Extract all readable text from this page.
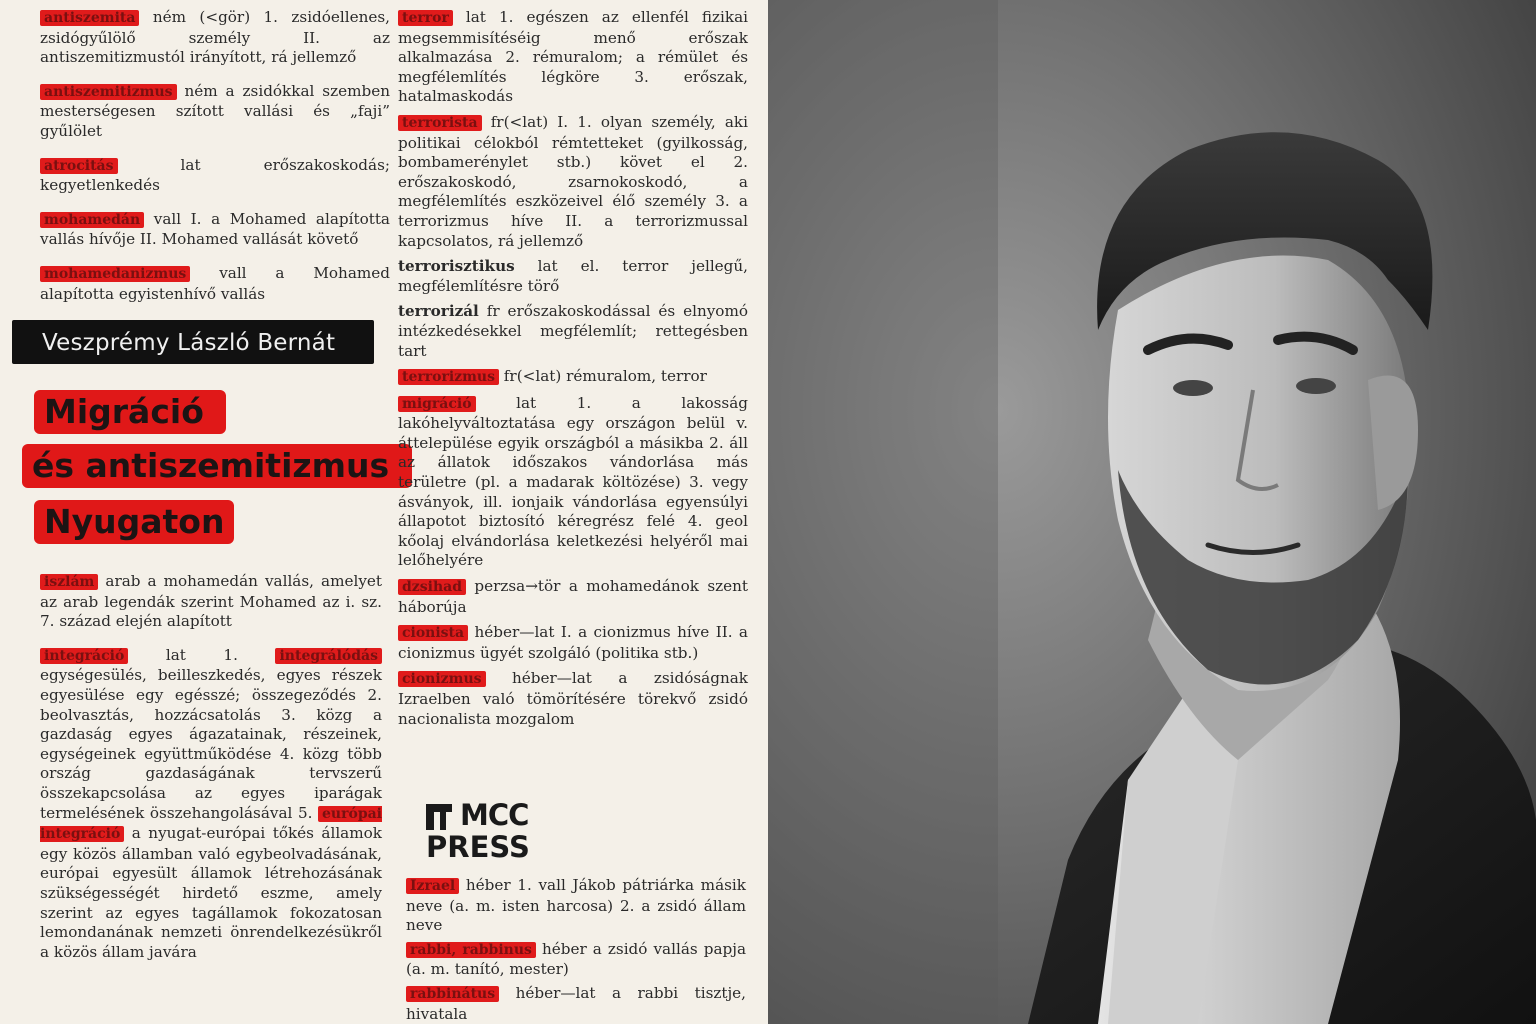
antiszemita ném (<gör) 1. zsidóellenes, zsidógyűlölő személy II. az antiszemitizmustól irányított, rá jellemző
antiszemitizmus ném a zsidókkal szemben mesterségesen szított vallási és „faji” gyűlölet
atrocitás lat erőszakoskodás; kegyetlenkedés
mohamedán vall I. a Mohamed alapította vallás hívője II. Mohamed vallását követő
mohamedanizmus vall a Mohamed alapította egyistenhívő vallás
Veszprémy László Bernát
Migráció
és antiszemitizmus
Nyugaton
iszlám arab a mohamedán vallás, amelyet az arab legendák szerint Mohamed az i. sz. 7. század elején alapított
integráció lat 1. integrálódás egységesülés, beilleszkedés, egyes részek egyesülése egy egésszé; összegeződés 2. beolvasztás, hozzácsatolás 3. közg a gazdaság egyes ágazatainak, részeinek, egységeinek együttműködése 4. közg több ország gazdaságának tervszerű összekapcsolása az egyes iparágak termelésének összehangolásával 5. európai integráció a nyugat-európai tőkés államok egy közös államban való egybeolvadásának, európai egyesült államok létrehozásának szükségességét hirdető eszme, amely szerint az egyes tagállamok fokozatosan lemondanának nemzeti önrendelkezésükről a közös állam javára
terror lat 1. egészen az ellenfél fizikai megsemmisítéséig menő erőszak alkalmazása 2. rémuralom; a rémület és megfélemlítés légköre 3. erőszak, hatalmaskodás
terrorista fr(<lat) I. 1. olyan személy, aki politikai célokból rémtetteket (gyilkosság, bombamerénylet stb.) követ el 2. erőszakoskodó, zsarnokoskodó, a megfélemlítés eszközeivel élő személy 3. a terrorizmus híve II. a terrorizmussal kapcsolatos, rá jellemző
terrorisztikus lat el. terror jellegű, megfélemlítésre törő
terrorizál fr erőszakoskodással és elnyomó intézkedésekkel megfélemlít; rettegésben tart
terrorizmus fr(<lat) rémuralom, terror
migráció lat 1. a lakosság lakóhelyváltoztatása egy országon belül v. áttelepülése egyik országból a másikba 2. áll az állatok időszakos vándorlása más területre (pl. a madarak költözése) 3. vegy ásványok, ill. ionjaik vándorlása egyensúlyi állapotot biztosító kéregrész felé 4. geol kőolaj elvándorlása keletkezési helyéről mai lelőhelyére
dzsihad perzsa→tör a mohamedánok szent háborúja
cionista héber—lat I. a cionizmus híve II. a cionizmus ügyét szolgáló (politika stb.)
cionizmus héber—lat a zsidóságnak Izraelben való tömörítésére törekvő zsidó nacionalista mozgalom
MCC
PRESS
Izrael héber 1. vall Jákob pátriárka másik neve (a. m. isten harcosa) 2. a zsidó állam neve
rabbi, rabbinus héber a zsidó vallás papja (a. m. tanító, mester)
rabbinátus héber—lat a rabbi tisztje, hivatala
